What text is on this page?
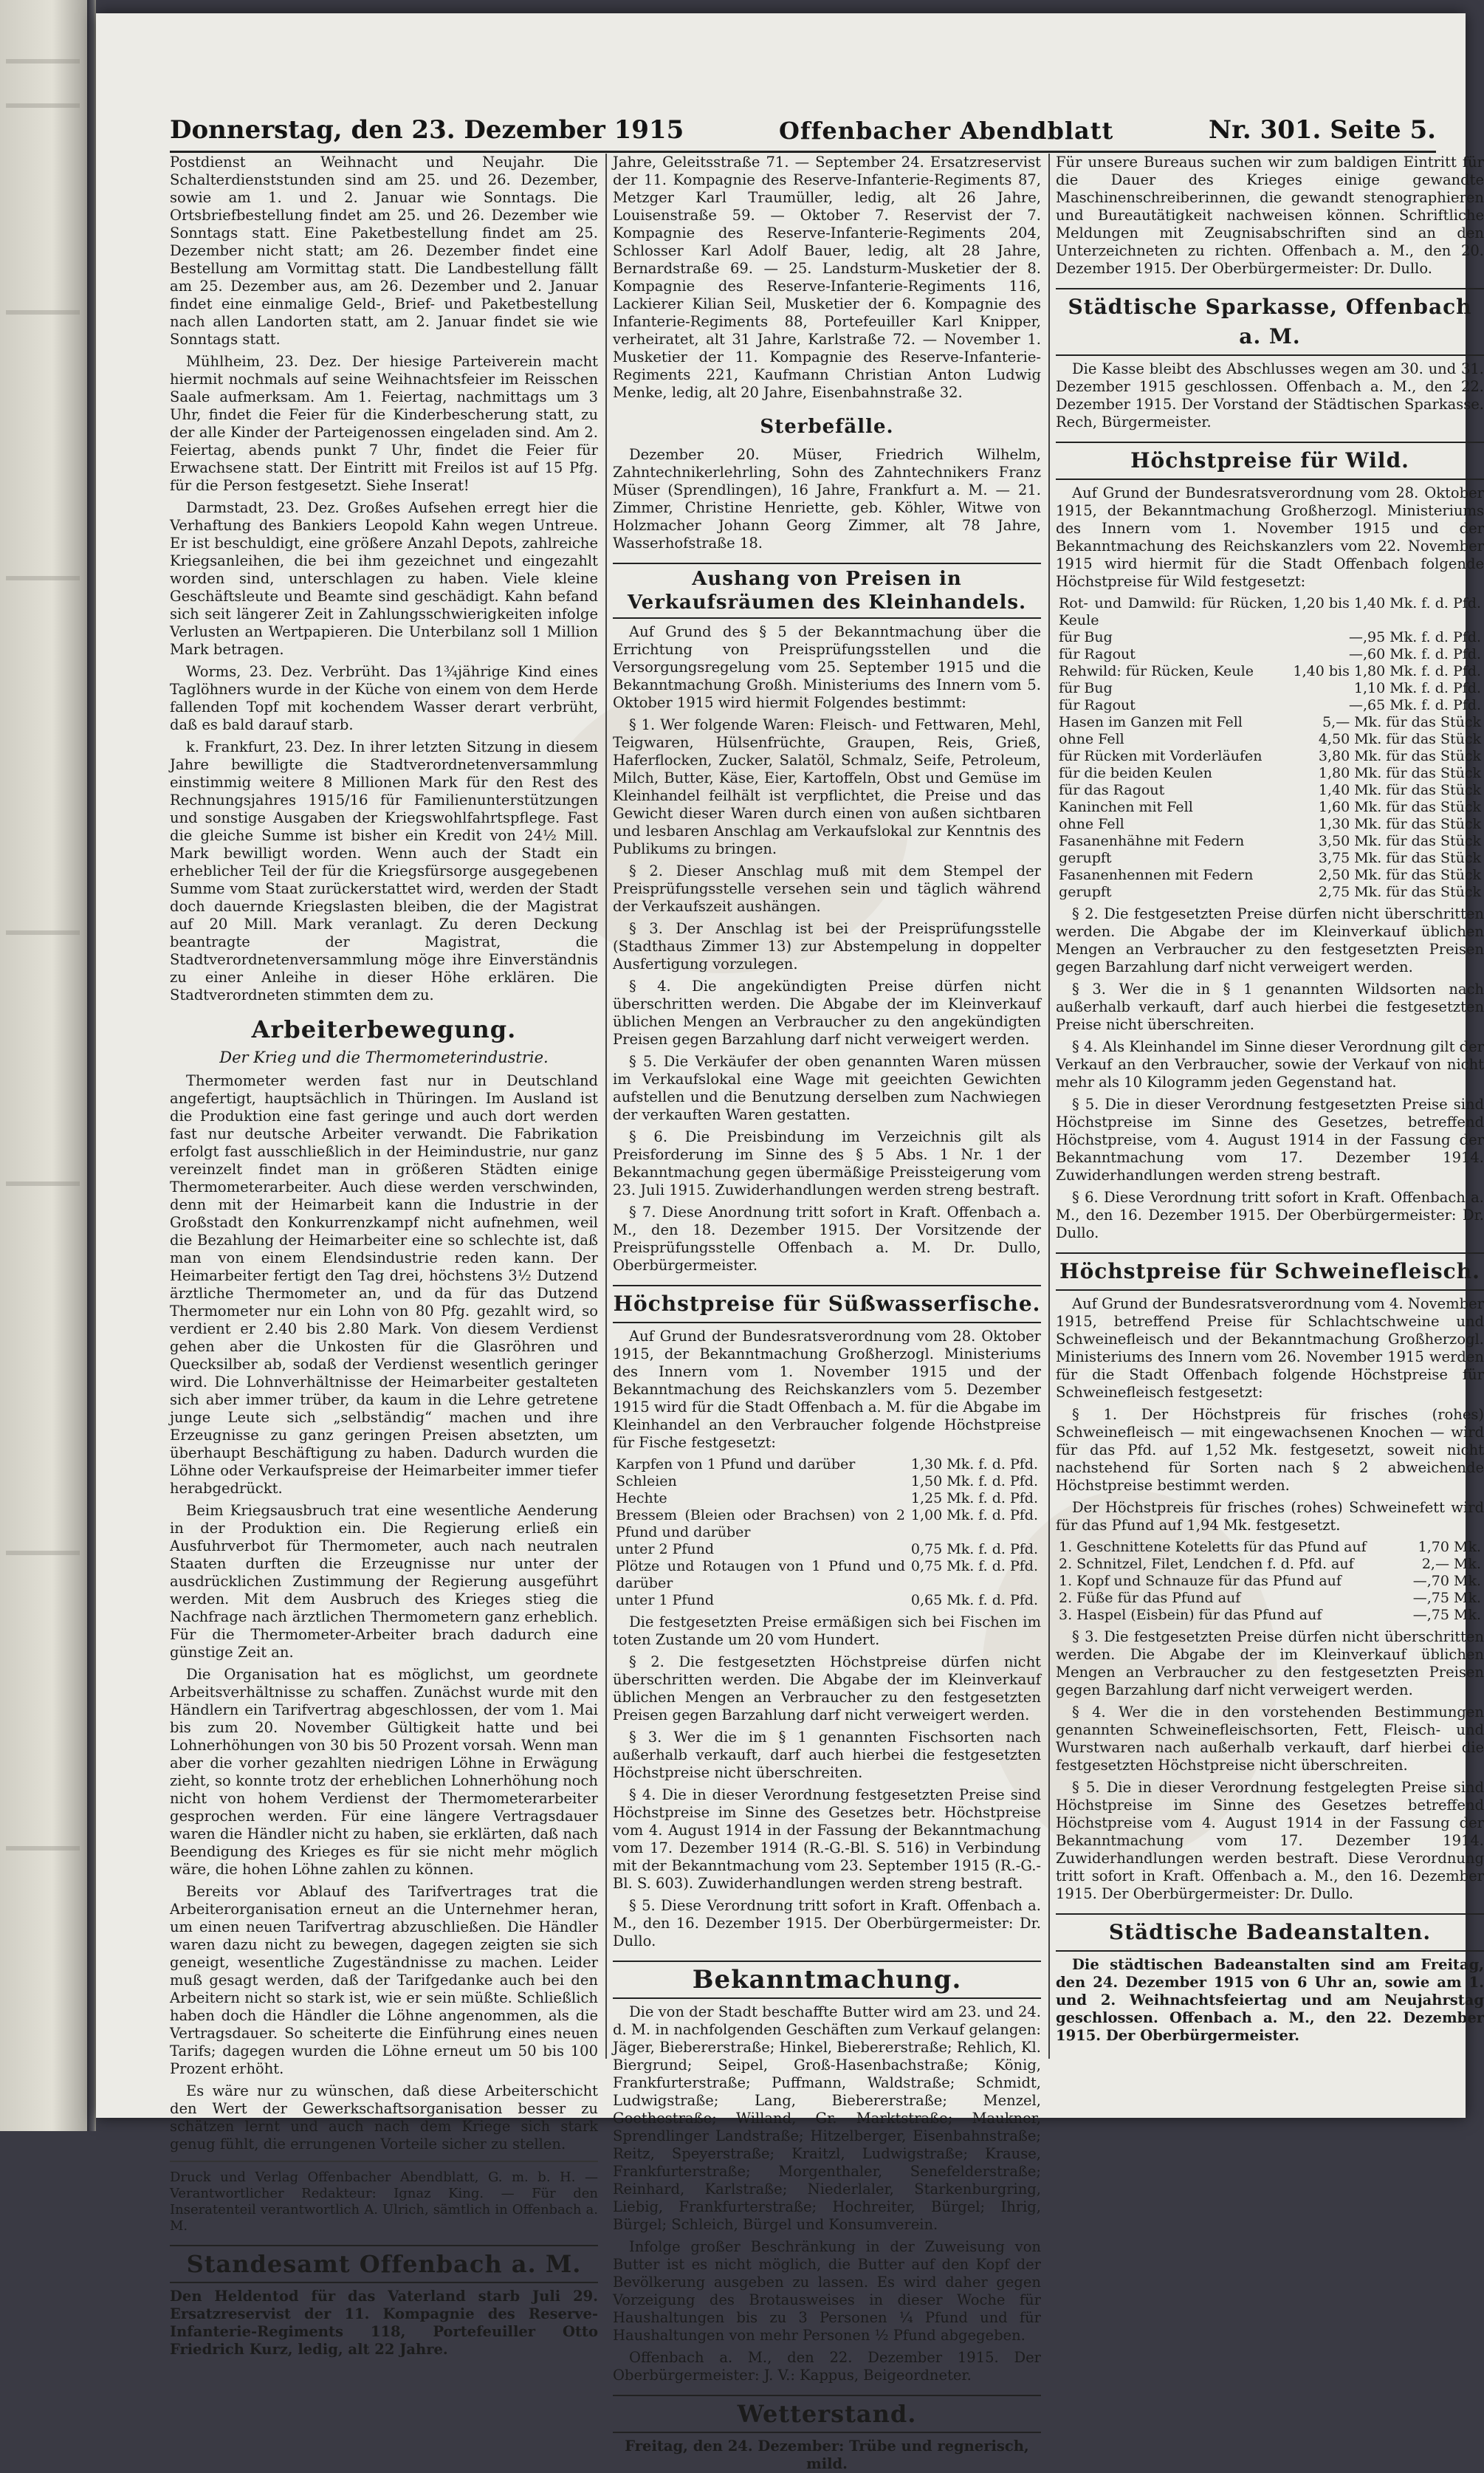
Donnerstag, den 23. Dezember 1915	Offenbacher Abendblatt	Nr. 301. Seite 5.

Postdienst an Weihnacht und Neujahr. Die Schalterdienststunden sind am 25. und 26. Dezember, sowie am 1. und 2. Januar wie Sonntags. Die Ortsbriefbestellung findet am 25. und 26. Dezember wie Sonntags statt. Eine Paketbestellung findet am 25. Dezember nicht statt; am 26. Dezember findet eine Bestellung am Vormittag statt. Die Landbestellung fällt am 25. Dezember aus, am 26. Dezember und 2. Januar findet eine einmalige Geld-, Brief- und Paketbestellung nach allen Landorten statt, am 2. Januar findet sie wie Sonntags statt.

Mühlheim, 23. Dez. Der hiesige Parteiverein macht hiermit nochmals auf seine Weihnachtsfeier im Reisschen Saale aufmerksam. Am 1. Feiertag, nachmittags um 3 Uhr, findet die Feier für die Kinderbescherung statt, zu der alle Kinder der Parteigenossen eingeladen sind. Am 2. Feiertag, abends punkt 7 Uhr, findet die Feier für Erwachsene statt. Der Eintritt mit Freilos ist auf 15 Pfg. für die Person festgesetzt. Siehe Inserat!

Darmstadt, 23. Dez. Großes Aufsehen erregt hier die Verhaftung des Bankiers Leopold Kahn wegen Untreue. Er ist beschuldigt, eine größere Anzahl Depots, zahlreiche Kriegsanleihen, die bei ihm gezeichnet und eingezahlt worden sind, unterschlagen zu haben. Viele kleine Geschäftsleute und Beamte sind geschädigt. Kahn befand sich seit längerer Zeit in Zahlungsschwierigkeiten infolge Verlusten an Wertpapieren. Die Unterbilanz soll 1 Million Mark betragen.

Worms, 23. Dez. Verbrüht. Das 1¾jährige Kind eines Taglöhners wurde in der Küche von einem von dem Herde fallenden Topf mit kochendem Wasser derart verbrüht, daß es bald darauf starb.

k. Frankfurt, 23. Dez. In ihrer letzten Sitzung in diesem Jahre bewilligte die Stadtverordnetenversammlung einstimmig weitere 8 Millionen Mark für den Rest des Rechnungsjahres 1915/16 für Familienunterstützungen und sonstige Ausgaben der Kriegswohlfahrtspflege. Fast die gleiche Summe ist bisher ein Kredit von 24½ Mill. Mark bewilligt worden. Wenn auch der Stadt ein erheblicher Teil der für die Kriegsfürsorge ausgegebenen Summe vom Staat zurückerstattet wird, werden der Stadt doch dauernde Kriegslasten bleiben, die der Magistrat auf 20 Mill. Mark veranlagt. Zu deren Deckung beantragte der Magistrat, die Stadtverordnetenversammlung möge ihre Einverständnis zu einer Anleihe in dieser Höhe erklären. Die Stadtverordneten stimmten dem zu.

Arbeiterbewegung.
Der Krieg und die Thermometerindustrie.

Thermometer werden fast nur in Deutschland angefertigt, hauptsächlich in Thüringen. Im Ausland ist die Produktion eine fast geringe und auch dort werden fast nur deutsche Arbeiter verwandt. Die Fabrikation erfolgt fast ausschließlich in der Heimindustrie, nur ganz vereinzelt findet man in größeren Städten einige Thermometerarbeiter. Auch diese werden verschwinden, denn mit der Heimarbeit kann die Industrie in der Großstadt den Konkurrenzkampf nicht aufnehmen, weil die Bezahlung der Heimarbeiter eine so schlechte ist, daß man von einem Elendsindustrie reden kann. Der Heimarbeiter fertigt den Tag drei, höchstens 3½ Dutzend ärztliche Thermometer an, und da für das Dutzend Thermometer nur ein Lohn von 80 Pfg. gezahlt wird, so verdient er 2.40 bis 2.80 Mark. Von diesem Verdienst gehen aber die Unkosten für die Glasröhren und Quecksilber ab, sodaß der Verdienst wesentlich geringer wird. Die Lohnverhältnisse der Heimarbeiter gestalteten sich aber immer trüber, da kaum in die Lehre getretene junge Leute sich „selbständig“ machen und ihre Erzeugnisse zu ganz geringen Preisen absetzten, um überhaupt Beschäftigung zu haben. Dadurch wurden die Löhne oder Verkaufspreise der Heimarbeiter immer tiefer herabgedrückt.

Beim Kriegsausbruch trat eine wesentliche Aenderung in der Produktion ein. Die Regierung erließ ein Ausfuhrverbot für Thermometer, auch nach neutralen Staaten durften die Erzeugnisse nur unter der ausdrücklichen Zustimmung der Regierung ausgeführt werden. Mit dem Ausbruch des Krieges stieg die Nachfrage nach ärztlichen Thermometern ganz erheblich. Für die Thermometer-Arbeiter brach dadurch eine günstige Zeit an.

Die Organisation hat es möglichst, um geordnete Arbeitsverhältnisse zu schaffen. Zunächst wurde mit den Händlern ein Tarifvertrag abgeschlossen, der vom 1. Mai bis zum 20. November Gültigkeit hatte und bei Lohnerhöhungen von 30 bis 50 Prozent vorsah. Wenn man aber die vorher gezahlten niedrigen Löhne in Erwägung zieht, so konnte trotz der erheblichen Lohnerhöhung noch nicht von hohem Verdienst der Thermometerarbeiter gesprochen werden. Für eine längere Vertragsdauer waren die Händler nicht zu haben, sie erklärten, daß nach Beendigung des Krieges es für sie nicht mehr möglich wäre, die hohen Löhne zahlen zu können.

Bereits vor Ablauf des Tarifvertrages trat die Arbeiterorganisation erneut an die Unternehmer heran, um einen neuen Tarifvertrag abzuschließen. Die Händler waren dazu nicht zu bewegen, dagegen zeigten sie sich geneigt, wesentliche Zugeständnisse zu machen. Leider muß gesagt werden, daß der Tarifgedanke auch bei den Arbeitern nicht so stark ist, wie er sein müßte. Schließlich haben doch die Händler die Löhne angenommen, als die Vertragsdauer. So scheiterte die Einführung eines neuen Tarifs; dagegen wurden die Löhne erneut um 50 bis 100 Prozent erhöht.

Es wäre nur zu wünschen, daß diese Arbeiterschicht den Wert der Gewerkschaftsorganisation besser zu schätzen lernt und auch nach dem Kriege sich stark genug fühlt, die errungenen Vorteile sicher zu stellen.

Druck und Verlag Offenbacher Abendblatt, G. m. b. H. — Verantwortlicher Redakteur: Ignaz King. — Für den Inseratenteil verantwortlich A. Ulrich, sämtlich in Offenbach a. M.

Standesamt Offenbach a. M.

Den Heldentod für das Vaterland starb Juli 29. Ersatzreservist der 11. Kompagnie des Reserve-Infanterie-Regiments 118, Portefeuiller Otto Friedrich Kurz, ledig, alt 22 Jahre.

Jahre, Geleitsstraße 71. — September 24. Ersatzreservist der 11. Kompagnie des Reserve-Infanterie-Regiments 87, Metzger Karl Traumüller, ledig, alt 26 Jahre, Louisenstraße 59. — Oktober 7. Reservist der 7. Kompagnie des Reserve-Infanterie-Regiments 204, Schlosser Karl Adolf Bauer, ledig, alt 28 Jahre, Bernardstraße 69. — 25. Landsturm-Musketier der 8. Kompagnie des Reserve-Infanterie-Regiments 116, Lackierer Kilian Seil, Musketier der 6. Kompagnie des Infanterie-Regiments 88, Portefeuiller Karl Knipper, verheiratet, alt 31 Jahre, Karlstraße 72. — November 1. Musketier der 11. Kompagnie des Reserve-Infanterie-Regiments 221, Kaufmann Christian Anton Ludwig Menke, ledig, alt 20 Jahre, Eisenbahnstraße 32.

Sterbefälle.

Dezember 20. Müser, Friedrich Wilhelm, Zahntechnikerlehrling, Sohn des Zahntechnikers Franz Müser (Sprendlingen), 16 Jahre, Frankfurt a. M. — 21. Zimmer, Christine Henriette, geb. Köhler, Witwe von Holzmacher Johann Georg Zimmer, alt 78 Jahre, Wasserhofstraße 18.

Aushang von Preisen in Verkaufsräumen des Kleinhandels.

Auf Grund des § 5 der Bekanntmachung über die Errichtung von Preisprüfungsstellen und die Versorgungsregelung vom 25. September 1915 und die Bekanntmachung Großh. Ministeriums des Innern vom 5. Oktober 1915 wird hiermit Folgendes bestimmt:

§ 1. Wer folgende Waren: Fleisch- und Fettwaren, Mehl, Teigwaren, Hülsenfrüchte, Graupen, Reis, Grieß, Haferflocken, Zucker, Salatöl, Schmalz, Seife, Petroleum, Milch, Butter, Käse, Eier, Kartoffeln, Obst und Gemüse im Kleinhandel feilhält ist verpflichtet, die Preise und das Gewicht dieser Waren durch einen von außen sichtbaren und lesbaren Anschlag am Verkaufslokal zur Kenntnis des Publikums zu bringen.

§ 2. Dieser Anschlag muß mit dem Stempel der Preisprüfungsstelle versehen sein und täglich während der Verkaufszeit aushängen.

§ 3. Der Anschlag ist bei der Preisprüfungsstelle (Stadthaus Zimmer 13) zur Abstempelung in doppelter Ausfertigung vorzulegen.

§ 4. Die angekündigten Preise dürfen nicht überschritten werden. Die Abgabe der im Kleinverkauf üblichen Mengen an Verbraucher zu den angekündigten Preisen gegen Barzahlung darf nicht verweigert werden.

§ 5. Die Verkäufer der oben genannten Waren müssen im Verkaufslokal eine Wage mit geeichten Gewichten aufstellen und die Benutzung derselben zum Nachwiegen der verkauften Waren gestatten.

§ 6. Die Preisbindung im Verzeichnis gilt als Preisforderung im Sinne des § 5 Abs. 1 Nr. 1 der Bekanntmachung gegen übermäßige Preissteigerung vom 23. Juli 1915. Zuwiderhandlungen werden streng bestraft.

§ 7. Diese Anordnung tritt sofort in Kraft. Offenbach a. M., den 18. Dezember 1915. Der Vorsitzende der Preisprüfungsstelle Offenbach a. M. Dr. Dullo, Oberbürgermeister.

Höchstpreise für Süßwasserfische.

Auf Grund der Bundesratsverordnung vom 28. Oktober 1915, der Bekanntmachung Großherzogl. Ministeriums des Innern vom 1. November 1915 und der Bekanntmachung des Reichskanzlers vom 5. Dezember 1915 wird für die Stadt Offenbach a. M. für die Abgabe im Kleinhandel an den Verbraucher folgende Höchstpreise für Fische festgesetzt:

Karpfen von 1 Pfund und darüber	1,30 Mk. f. d. Pfd.
Schleien	1,50 Mk. f. d. Pfd.
Hechte	1,25 Mk. f. d. Pfd.
Bressem (Bleien oder Brachsen) von 2 Pfund und darüber	1,00 Mk. f. d. Pfd.
unter 2 Pfund	0,75 Mk. f. d. Pfd.
Plötze und Rotaugen von 1 Pfund und darüber	0,75 Mk. f. d. Pfd.
unter 1 Pfund	0,65 Mk. f. d. Pfd.

Die festgesetzten Preise ermäßigen sich bei Fischen im toten Zustande um 20 vom Hundert.

§ 2. Die festgesetzten Höchstpreise dürfen nicht überschritten werden. Die Abgabe der im Kleinverkauf üblichen Mengen an Verbraucher zu den festgesetzten Preisen gegen Barzahlung darf nicht verweigert werden.

§ 3. Wer die im § 1 genannten Fischsorten nach außerhalb verkauft, darf auch hierbei die festgesetzten Höchstpreise nicht überschreiten.

§ 4. Die in dieser Verordnung festgesetzten Preise sind Höchstpreise im Sinne des Gesetzes betr. Höchstpreise vom 4. August 1914 in der Fassung der Bekanntmachung vom 17. Dezember 1914 (R.-G.-Bl. S. 516) in Verbindung mit der Bekanntmachung vom 23. September 1915 (R.-G.-Bl. S. 603). Zuwiderhandlungen werden streng bestraft.

§ 5. Diese Verordnung tritt sofort in Kraft. Offenbach a. M., den 16. Dezember 1915. Der Oberbürgermeister: Dr. Dullo.

Bekanntmachung.

Die von der Stadt beschaffte Butter wird am 23. und 24. d. M. in nachfolgenden Geschäften zum Verkauf gelangen: Jäger, Biebererstraße; Hinkel, Biebererstraße; Rehlich, Kl. Biergrund; Seipel, Groß-Hasenbachstraße; König, Frankfurterstraße; Puffmann, Waldstraße; Schmidt, Ludwigstraße; Lang, Biebererstraße; Menzel, Goethestraße; Willand, Gr. Marktstraße; Maukner, Sprendlinger Landstraße; Hitzelberger, Eisenbahnstraße; Reitz, Speyerstraße; Kraitzl, Ludwigstraße; Krause, Frankfurterstraße; Morgenthaler, Senefelderstraße; Reinhard, Karlstraße; Niederlaler, Starkenburgring, Liebig, Frankfurterstraße; Hochreiter, Bürgel; Ihrig, Bürgel; Schleich, Bürgel und Konsumverein.

Infolge großer Beschränkung in der Zuweisung von Butter ist es nicht möglich, die Butter auf den Kopf der Bevölkerung ausgeben zu lassen. Es wird daher gegen Vorzeigung des Brotausweises in dieser Woche für Haushaltungen bis zu 3 Personen ¼ Pfund und für Haushaltungen von mehr Personen ½ Pfund abgegeben.

Offenbach a. M., den 22. Dezember 1915. Der Oberbürgermeister: J. V.: Kappus, Beigeordneter.

Wetterstand.

Freitag, den 24. Dezember: Trübe und regnerisch, mild.

Für unsere Bureaus suchen wir zum baldigen Eintritt für die Dauer des Krieges einige gewandte Maschinenschreiberinnen, die gewandt stenographieren und Bureautätigkeit nachweisen können. Schriftliche Meldungen mit Zeugnisabschriften sind an den Unterzeichneten zu richten. Offenbach a. M., den 20. Dezember 1915. Der Oberbürgermeister: Dr. Dullo.

Städtische Sparkasse, Offenbach a. M.

Die Kasse bleibt des Abschlusses wegen am 30. und 31. Dezember 1915 geschlossen. Offenbach a. M., den 22. Dezember 1915. Der Vorstand der Städtischen Sparkasse. Rech, Bürgermeister.

Höchstpreise für Wild.

Auf Grund der Bundesratsverordnung vom 28. Oktober 1915, der Bekanntmachung Großherzogl. Ministeriums des Innern vom 1. November 1915 und der Bekanntmachung des Reichskanzlers vom 22. November 1915 wird hiermit für die Stadt Offenbach folgende Höchstpreise für Wild festgesetzt:

Rot- und Damwild: für Rücken, Keule	1,20 bis 1,40 Mk. f. d. Pfd.
für Bug	—,95 Mk. f. d. Pfd.
für Ragout	—,60 Mk. f. d. Pfd.
Rehwild: für Rücken, Keule	1,40 bis 1,80 Mk. f. d. Pfd.
für Bug	1,10 Mk. f. d. Pfd.
für Ragout	—,65 Mk. f. d. Pfd.
Hasen im Ganzen mit Fell	5,— Mk. für das Stück
ohne Fell	4,50 Mk. für das Stück
für Rücken mit Vorderläufen	3,80 Mk. für das Stück
für die beiden Keulen	1,80 Mk. für das Stück
für das Ragout	1,40 Mk. für das Stück
Kaninchen mit Fell	1,60 Mk. für das Stück
ohne Fell	1,30 Mk. für das Stück
Fasanenhähne mit Federn	3,50 Mk. für das Stück
gerupft	3,75 Mk. für das Stück
Fasanenhennen mit Federn	2,50 Mk. für das Stück
gerupft	2,75 Mk. für das Stück

§ 2. Die festgesetzten Preise dürfen nicht überschritten werden. Die Abgabe der im Kleinverkauf üblichen Mengen an Verbraucher zu den festgesetzten Preisen gegen Barzahlung darf nicht verweigert werden.

§ 3. Wer die in § 1 genannten Wildsorten nach außerhalb verkauft, darf auch hierbei die festgesetzten Preise nicht überschreiten.

§ 4. Als Kleinhandel im Sinne dieser Verordnung gilt der Verkauf an den Verbraucher, sowie der Verkauf von nicht mehr als 10 Kilogramm jeden Gegenstand hat.

§ 5. Die in dieser Verordnung festgesetzten Preise sind Höchstpreise im Sinne des Gesetzes, betreffend Höchstpreise, vom 4. August 1914 in der Fassung der Bekanntmachung vom 17. Dezember 1914. Zuwiderhandlungen werden streng bestraft.

§ 6. Diese Verordnung tritt sofort in Kraft. Offenbach a. M., den 16. Dezember 1915. Der Oberbürgermeister: Dr. Dullo.

Höchstpreise für Schweinefleisch.

Auf Grund der Bundesratsverordnung vom 4. November 1915, betreffend Preise für Schlachtschweine und Schweinefleisch und der Bekanntmachung Großherzogl. Ministeriums des Innern vom 26. November 1915 werden für die Stadt Offenbach folgende Höchstpreise für Schweinefleisch festgesetzt:

§ 1. Der Höchstpreis für frisches (rohes) Schweinefleisch — mit eingewachsenen Knochen — wird für das Pfd. auf 1,52 Mk. festgesetzt, soweit nicht nachstehend für Sorten nach § 2 abweichende Höchstpreise bestimmt werden.

Der Höchstpreis für frisches (rohes) Schweinefett wird für das Pfund auf 1,94 Mk. festgesetzt.

1. Geschnittene Koteletts für das Pfund auf	1,70 Mk.
2. Schnitzel, Filet, Lendchen f. d. Pfd. auf	2,— Mk.
1. Kopf und Schnauze für das Pfund auf	—,70 Mk.
2. Füße für das Pfund auf	—,75 Mk.
3. Haspel (Eisbein) für das Pfund auf	—,75 Mk.

§ 3. Die festgesetzten Preise dürfen nicht überschritten werden. Die Abgabe der im Kleinverkauf üblichen Mengen an Verbraucher zu den festgesetzten Preisen gegen Barzahlung darf nicht verweigert werden.

§ 4. Wer die in den vorstehenden Bestimmungen genannten Schweinefleischsorten, Fett, Fleisch- und Wurstwaren nach außerhalb verkauft, darf hierbei die festgesetzten Höchstpreise nicht überschreiten.

§ 5. Die in dieser Verordnung festgelegten Preise sind Höchstpreise im Sinne des Gesetzes betreffend Höchstpreise vom 4. August 1914 in der Fassung der Bekanntmachung vom 17. Dezember 1914. Zuwiderhandlungen werden bestraft. Diese Verordnung tritt sofort in Kraft. Offenbach a. M., den 16. Dezember 1915. Der Oberbürgermeister: Dr. Dullo.

Städtische Badeanstalten.

Die städtischen Badeanstalten sind am Freitag, den 24. Dezember 1915 von 6 Uhr an, sowie am 1. und 2. Weihnachtsfeiertag und am Neujahrstag geschlossen. Offenbach a. M., den 22. Dezember 1915. Der Oberbürgermeister.
